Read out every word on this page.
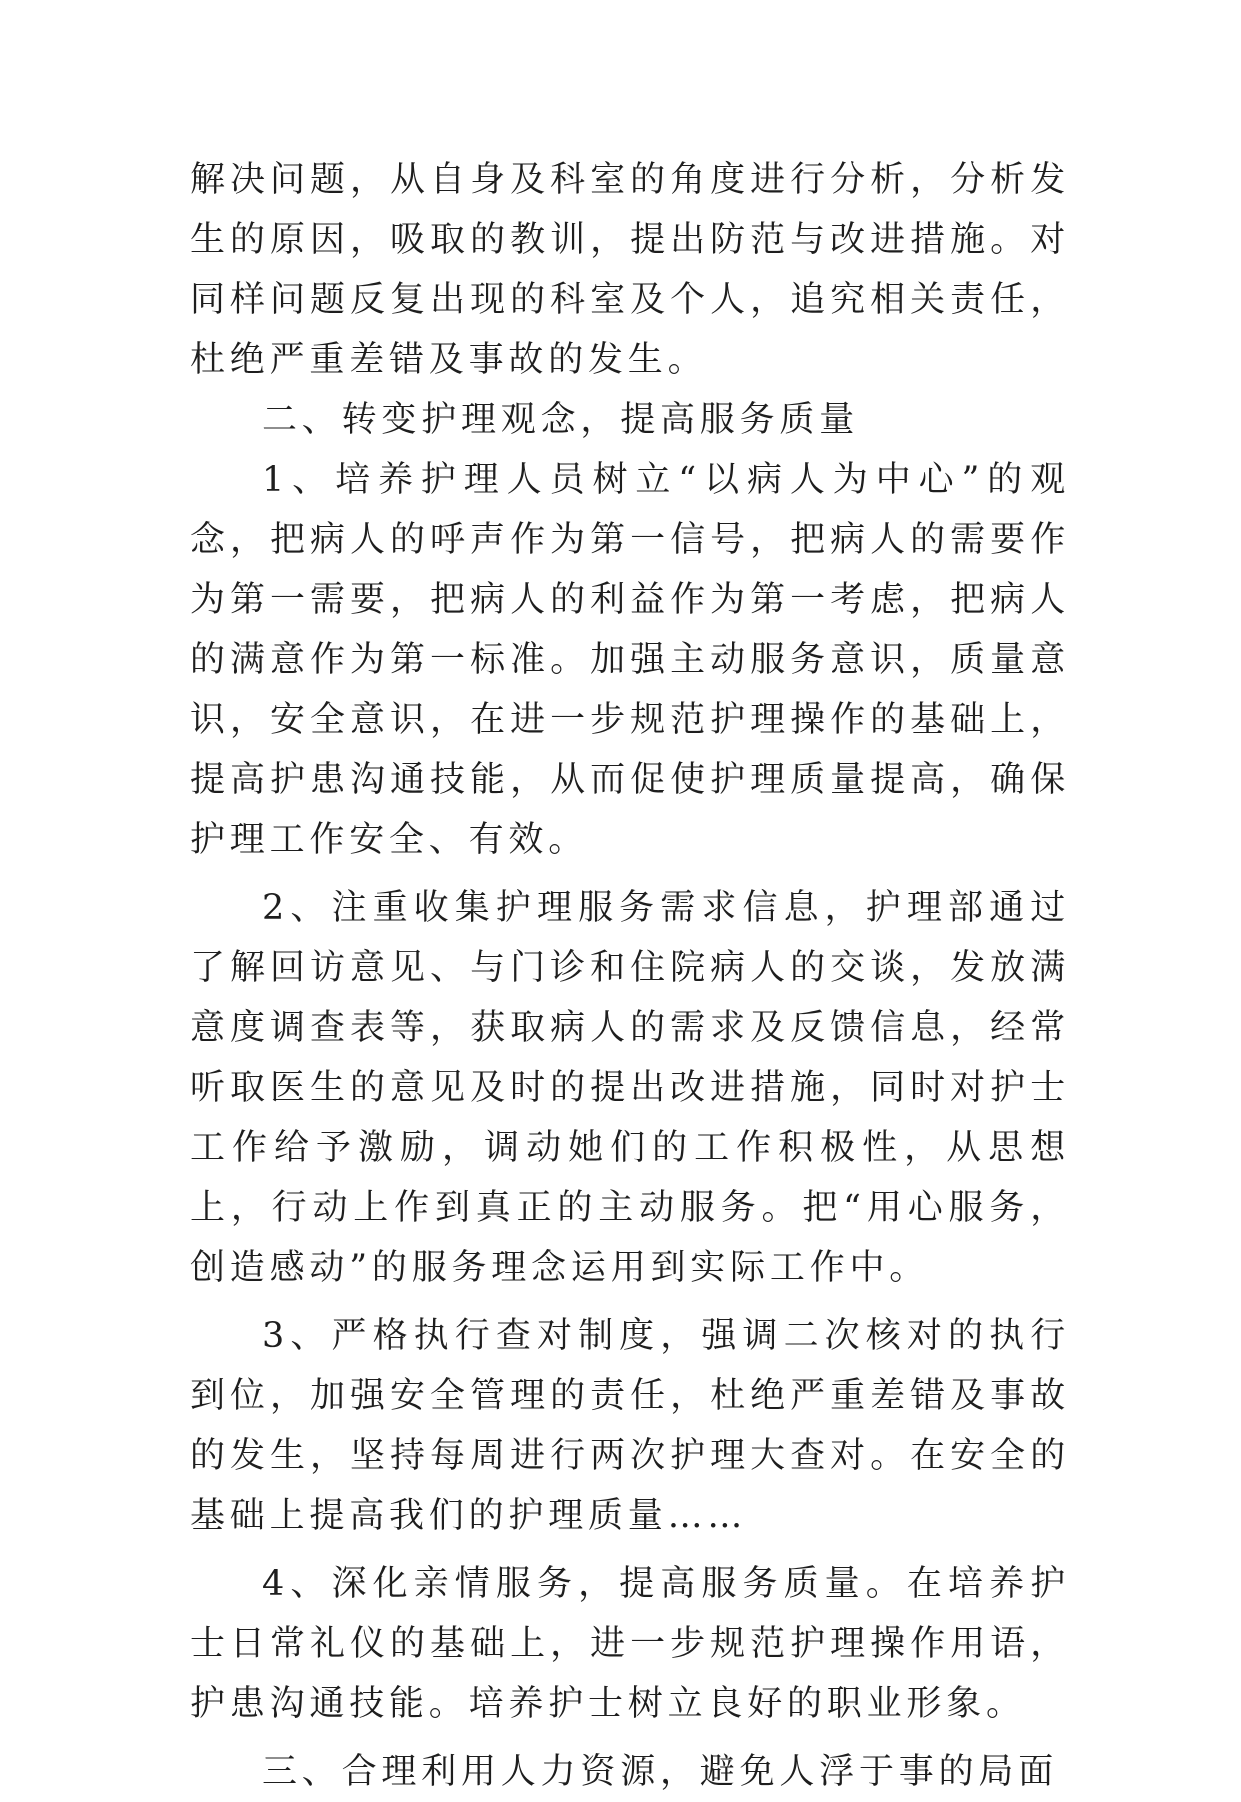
解决问题，从自身及科室的角度进行分析，分析发生的原因，吸取的教训，提出防范与改进措施。对同样问题反复出现的科室及个人，追究相关责任，杜绝严重差错及事故的发生。

二、转变护理观念，提高服务质量

1、培养护理人员树立“以病人为中心”的观念，把病人的呼声作为第一信号，把病人的需要作为第一需要，把病人的利益作为第一考虑，把病人的满意作为第一标准。加强主动服务意识，质量意识，安全意识，在进一步规范护理操作的基础上，提高护患沟通技能，从而促使护理质量提高，确保护理工作安全、有效。

2、注重收集护理服务需求信息，护理部通过了解回访意见、与门诊和住院病人的交谈，发放满意度调查表等，获取病人的需求及反馈信息，经常听取医生的意见及时的提出改进措施，同时对护士工作给予激励，调动她们的工作积极性，从思想上，行动上作到真正的主动服务。把“用心服务，创造感动”的服务理念运用到实际工作中。

3、严格执行查对制度，强调二次核对的执行到位，加强安全管理的责任，杜绝严重差错及事故的发生，坚持每周进行两次护理大查对。在安全的基础上提高我们的护理质量……

4、深化亲情服务，提高服务质量。在培养护士日常礼仪的基础上，进一步规范护理操作用语，护患沟通技能。培养护士树立良好的职业形象。

三、合理利用人力资源，避免人浮于事的局面
